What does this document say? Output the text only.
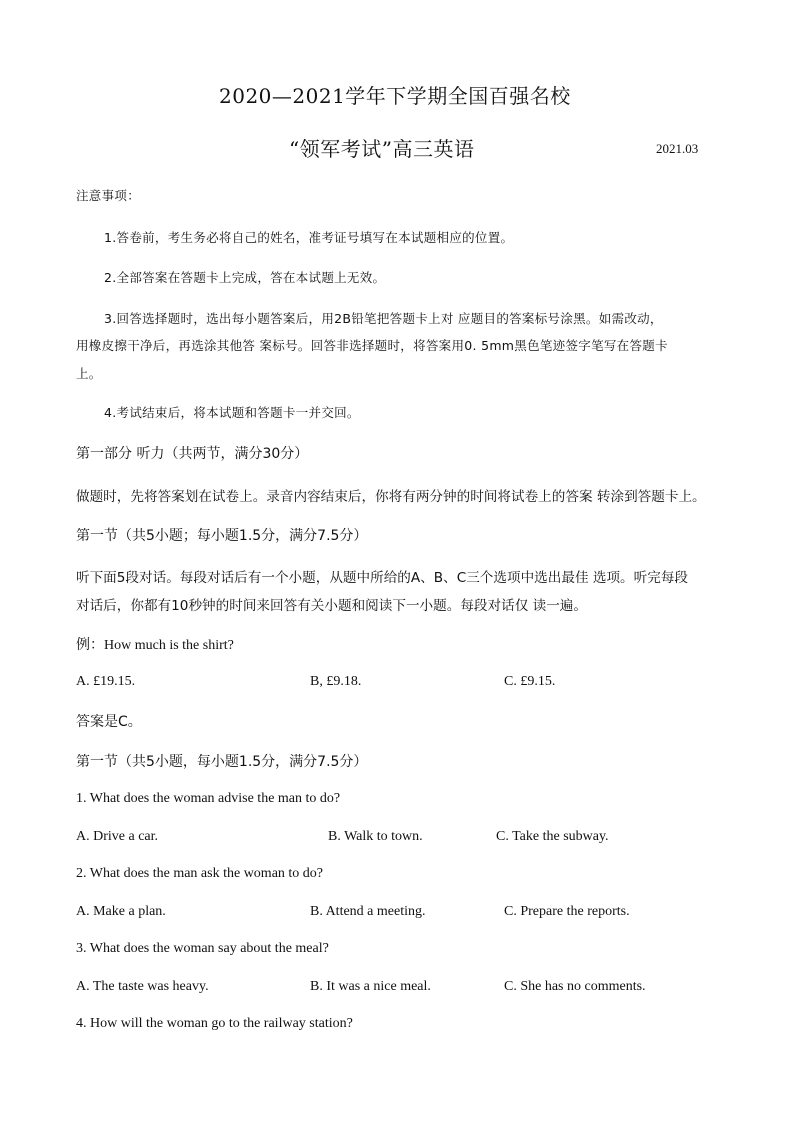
2020—2021学年下学期全国百强名校
“领军考试”高三英语	2021.03
注意事项：
1.答卷前，考生务必将自己的姓名，准考证号填写在本试题相应的位置。
2.全部答案在答题卡上完成，答在本试题上无效。
3.回答选择题时，选出每小题答案后，用2B铅笔把答题卡上对 应题目的答案标号涂黑。如需改动，
用橡皮擦干净后，再选涂其他答 案标号。回答非选择题时，将答案用0. 5mm黑色笔迹签字笔写在答题卡
上。
4.考试结束后，将本试题和答题卡一并交回。
第一部分 听力（共两节，满分30分）
做题时，先将答案划在试卷上。录音内容结束后，你将有两分钟的时间将试卷上的答案 转涂到答题卡上。
第一节（共5小题；每小题1.5分，满分7.5分）
听下面5段对话。每段对话后有一个小题，从题中所给的A、B、C三个选项中选出最佳 选项。听完每段
对话后，你都有10秒钟的时间来回答有关小题和阅读下一小题。每段对话仅 读一遍。
例：How much is the shirt?
A. £19.15.	B, £9.18.	C. £9.15.
答案是C。
第一节（共5小题，每小题1.5分，满分7.5分）
1. What does the woman advise the man to do?
A. Drive a car.	B. Walk to town.	C. Take the subway.
2. What does the man ask the woman to do?
A. Make a plan.	B. Attend a meeting.	C. Prepare the reports.
3. What does the woman say about the meal?
A. The taste was heavy.	B. It was a nice meal.	C. She has no comments.
4. How will the woman go to the railway station?
